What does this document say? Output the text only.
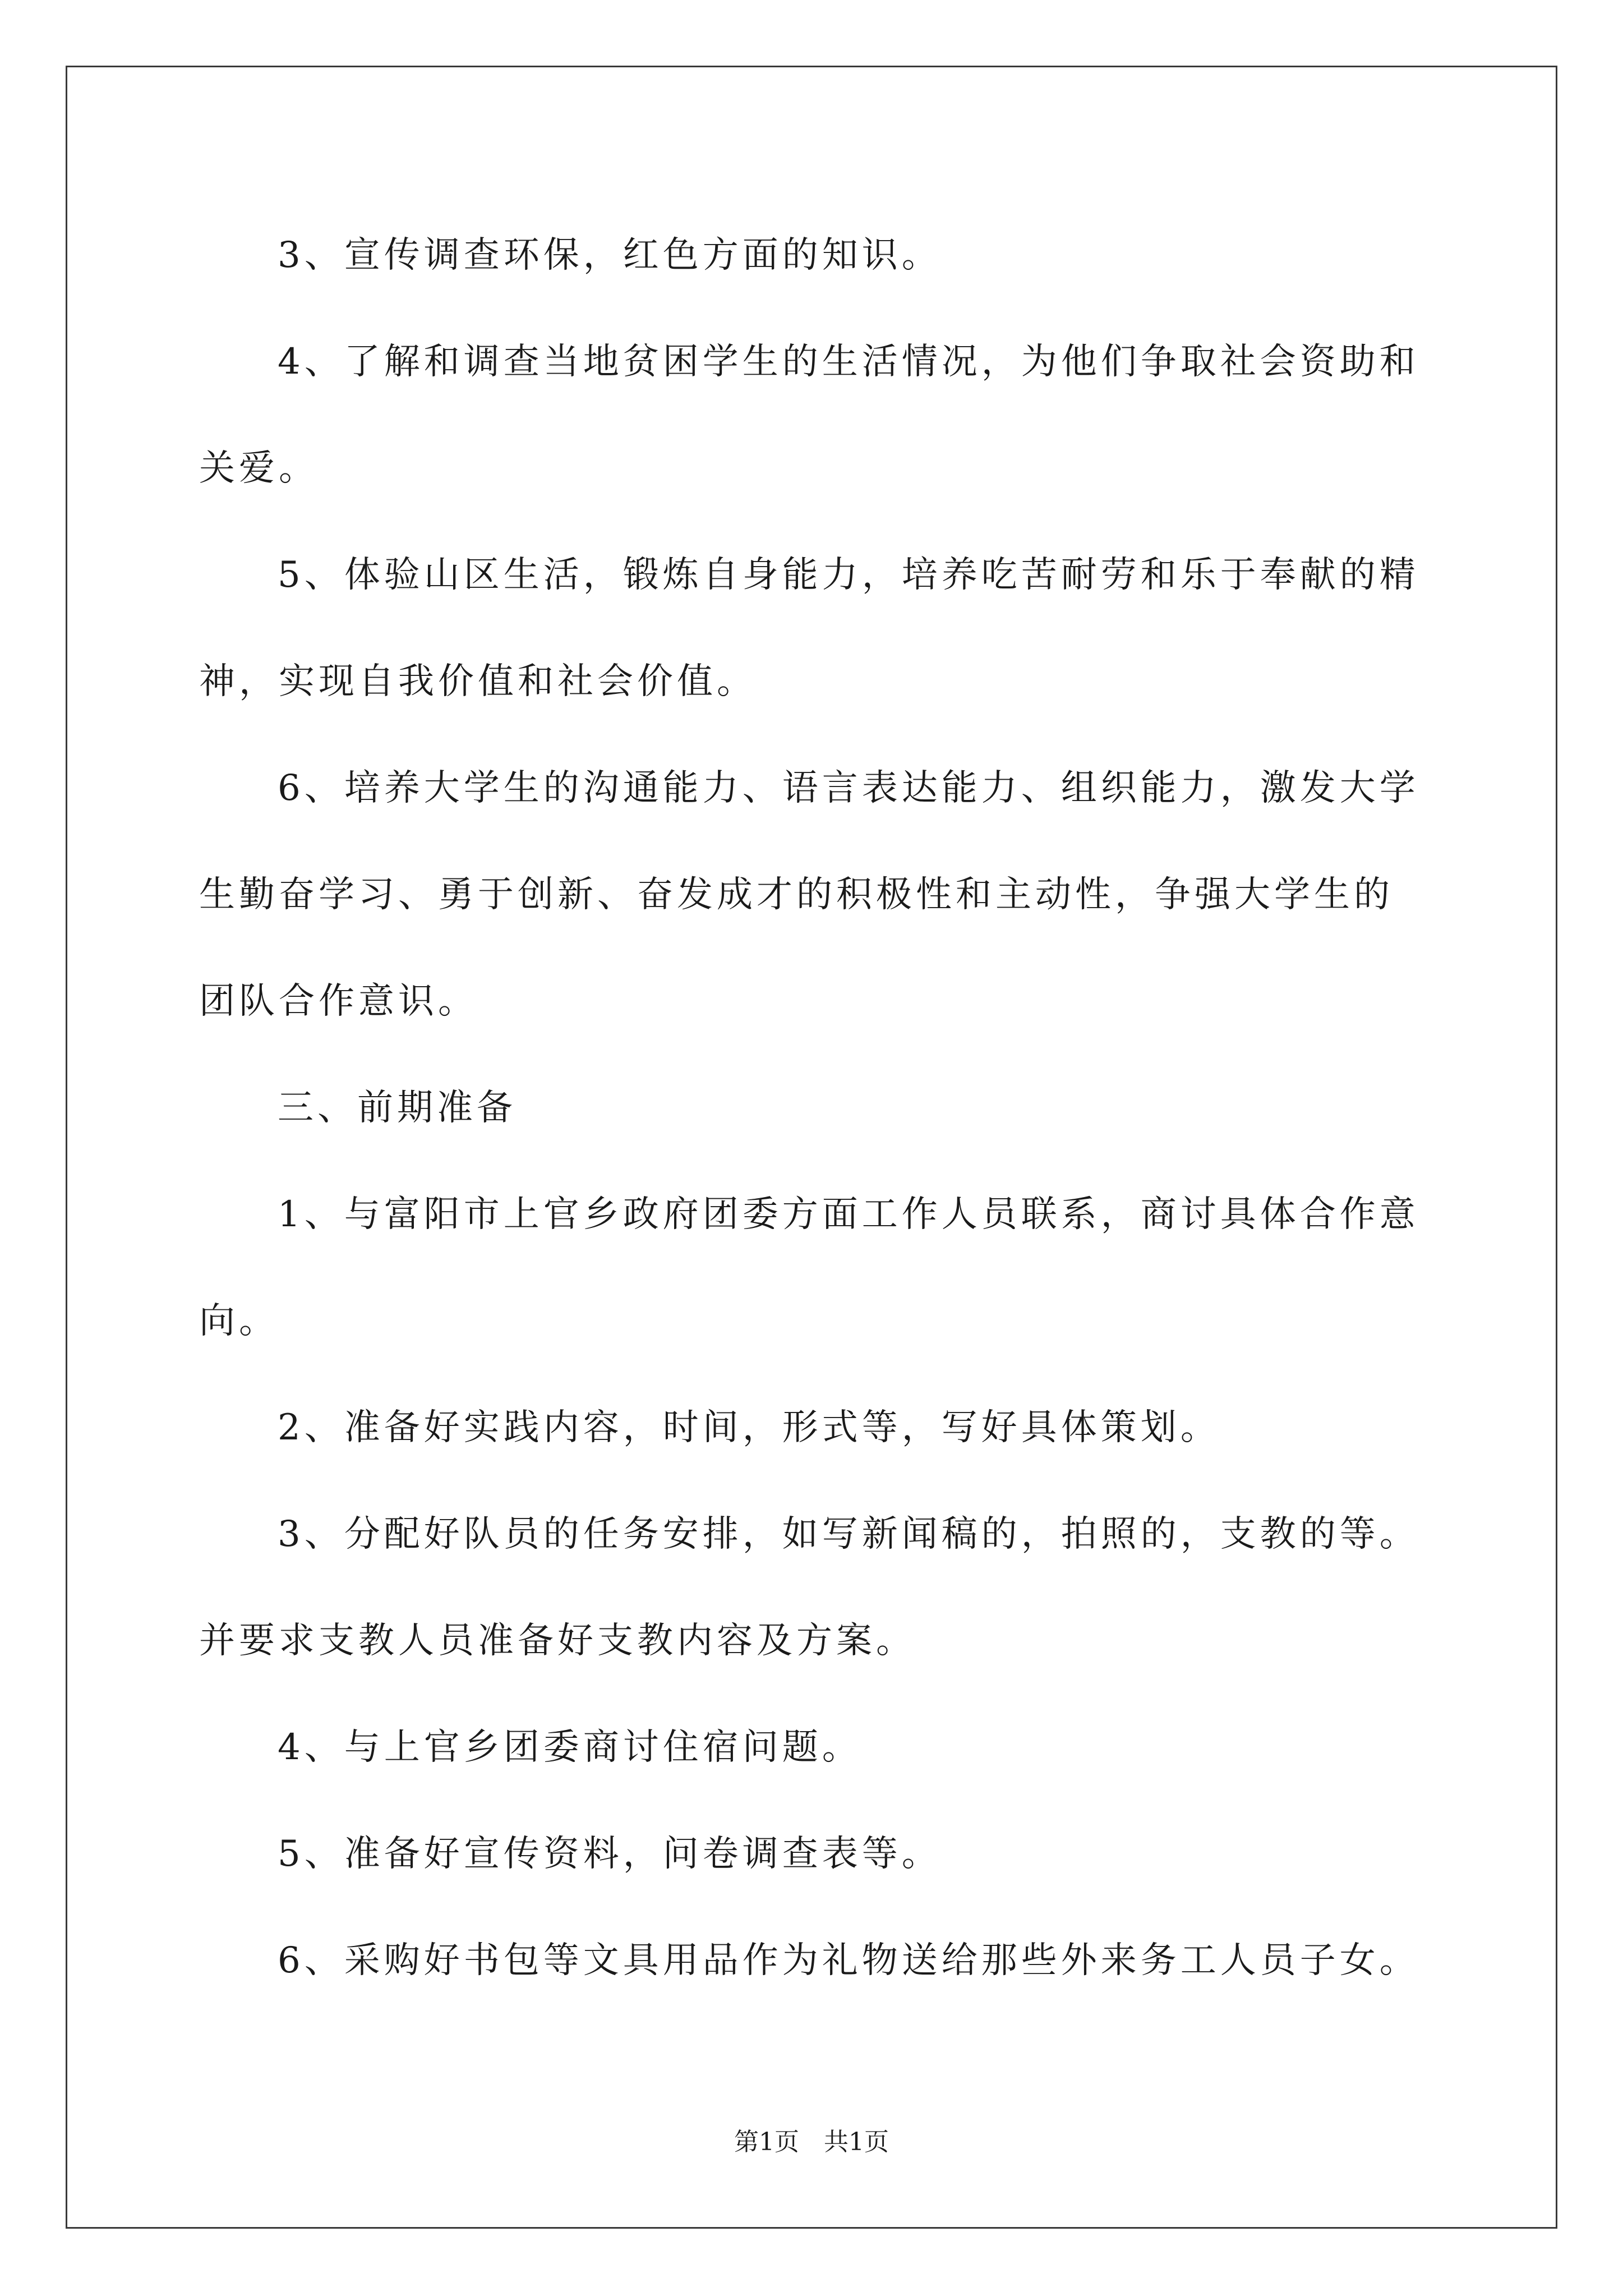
3、宣传调查环保，红色方面的知识。

4、了解和调查当地贫困学生的生活情况，为他们争取社会资助和关爱。

5、体验山区生活，锻炼自身能力，培养吃苦耐劳和乐于奉献的精神，实现自我价值和社会价值。

6、培养大学生的沟通能力、语言表达能力、组织能力，激发大学生勤奋学习、勇于创新、奋发成才的积极性和主动性，争强大学生的团队合作意识。

三、前期准备

1、与富阳市上官乡政府团委方面工作人员联系，商讨具体合作意向。

2、准备好实践内容，时间，形式等，写好具体策划。

3、分配好队员的任务安排，如写新闻稿的，拍照的，支教的等。并要求支教人员准备好支教内容及方案。

4、与上官乡团委商讨住宿问题。

5、准备好宣传资料，问卷调查表等。

6、采购好书包等文具用品作为礼物送给那些外来务工人员子女。

第1页　共1页
